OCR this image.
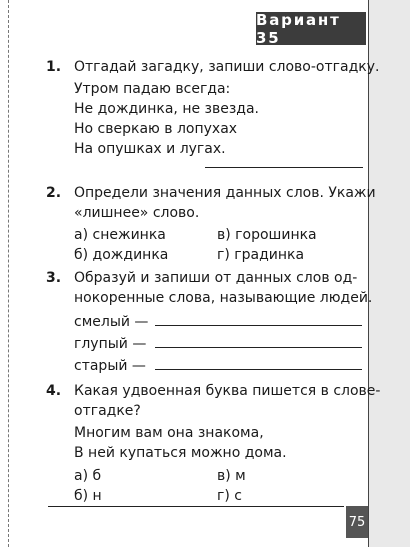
Вариант 35
1. Отгадай загадку, запиши слово-отгадку.
Утром падаю всегда:
Не дождинка, не звезда.
Но сверкаю в лопухах
На опушках и лугах.
2. Определи значения данных слов. Укажи
«лишнее» слово.
а) снежинка
б) дождинка
в) горошинка
г) градинка
3. Образуй и запиши от данных слов од-
нокоренные слова, называющие людей.
смелый —
глупый —
старый —
4. Какая удвоенная буква пишется в слове-
отгадке?
Многим вам она знакома,
В ней купаться можно дома.
а) б
б) н
в) м
г) с
75
